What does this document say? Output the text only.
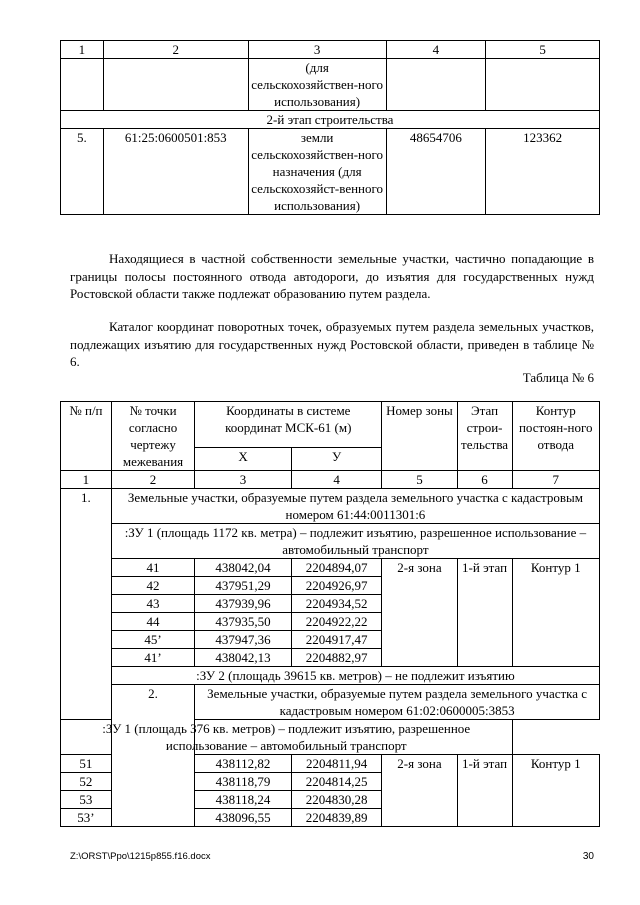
1	2	3	4	5
		(для сельскохозяйствен-ного использования)		
2-й этап строительства				
5.	61:25:0600501:853	земли сельскохозяйствен-ного назначения (для сельскохозяйст-венного использования)	48654706	123362

Находящиеся в частной собственности земельные участки, частично попадающие в границы полосы постоянного отвода автодороги, до изъятия для государственных нужд Ростовской области также подлежат образованию путем раздела.

Каталог координат поворотных точек, образуемых путем раздела земельных участков, подлежащих изъятию для государственных нужд Ростовской области, приведен в таблице № 6.

Таблица № 6
№ п/п	№ точки согласно чертежу межевания	Координаты в системе координат МСК-61 (м)		Номер зоны	Этап строи-тельства	Контур постоян-ного отвода
		X	У			
1	2	3	4	5	6	7
1.	Земельные участки, образуемые путем раздела земельного участка с кадастровым номером 61:44:0011301:6					
	:ЗУ 1 (площадь 1172 кв. метра) – подлежит изъятию, разрешенное использование – автомобильный транспорт					
	41	438042,04	2204894,07	2-я зона	1-й этап	Контур 1
	42	437951,29	2204926,97			
	43	437939,96	2204934,52			
	44	437935,50	2204922,22			
	45’	437947,36	2204917,47			
	41’	438042,13	2204882,97			
	:ЗУ 2 (площадь 39615 кв. метров) – не подлежит изъятию					
	2.	Земельные участки, образуемые путем раздела земельного участка с кадастровым номером 61:02:0600005:3853				
:ЗУ 1 (площадь 376 кв. метров) – подлежит изъятию, разрешенное использование – автомобильный транспорт						
51		438112,82	2204811,94	2-я зона	1-й этап	Контур 1
52		438118,79	2204814,25			
53		438118,24	2204830,28			
53’		438096,55	2204839,89			
Z:\ORST\Ppo\1215p855.f16.docx	30
